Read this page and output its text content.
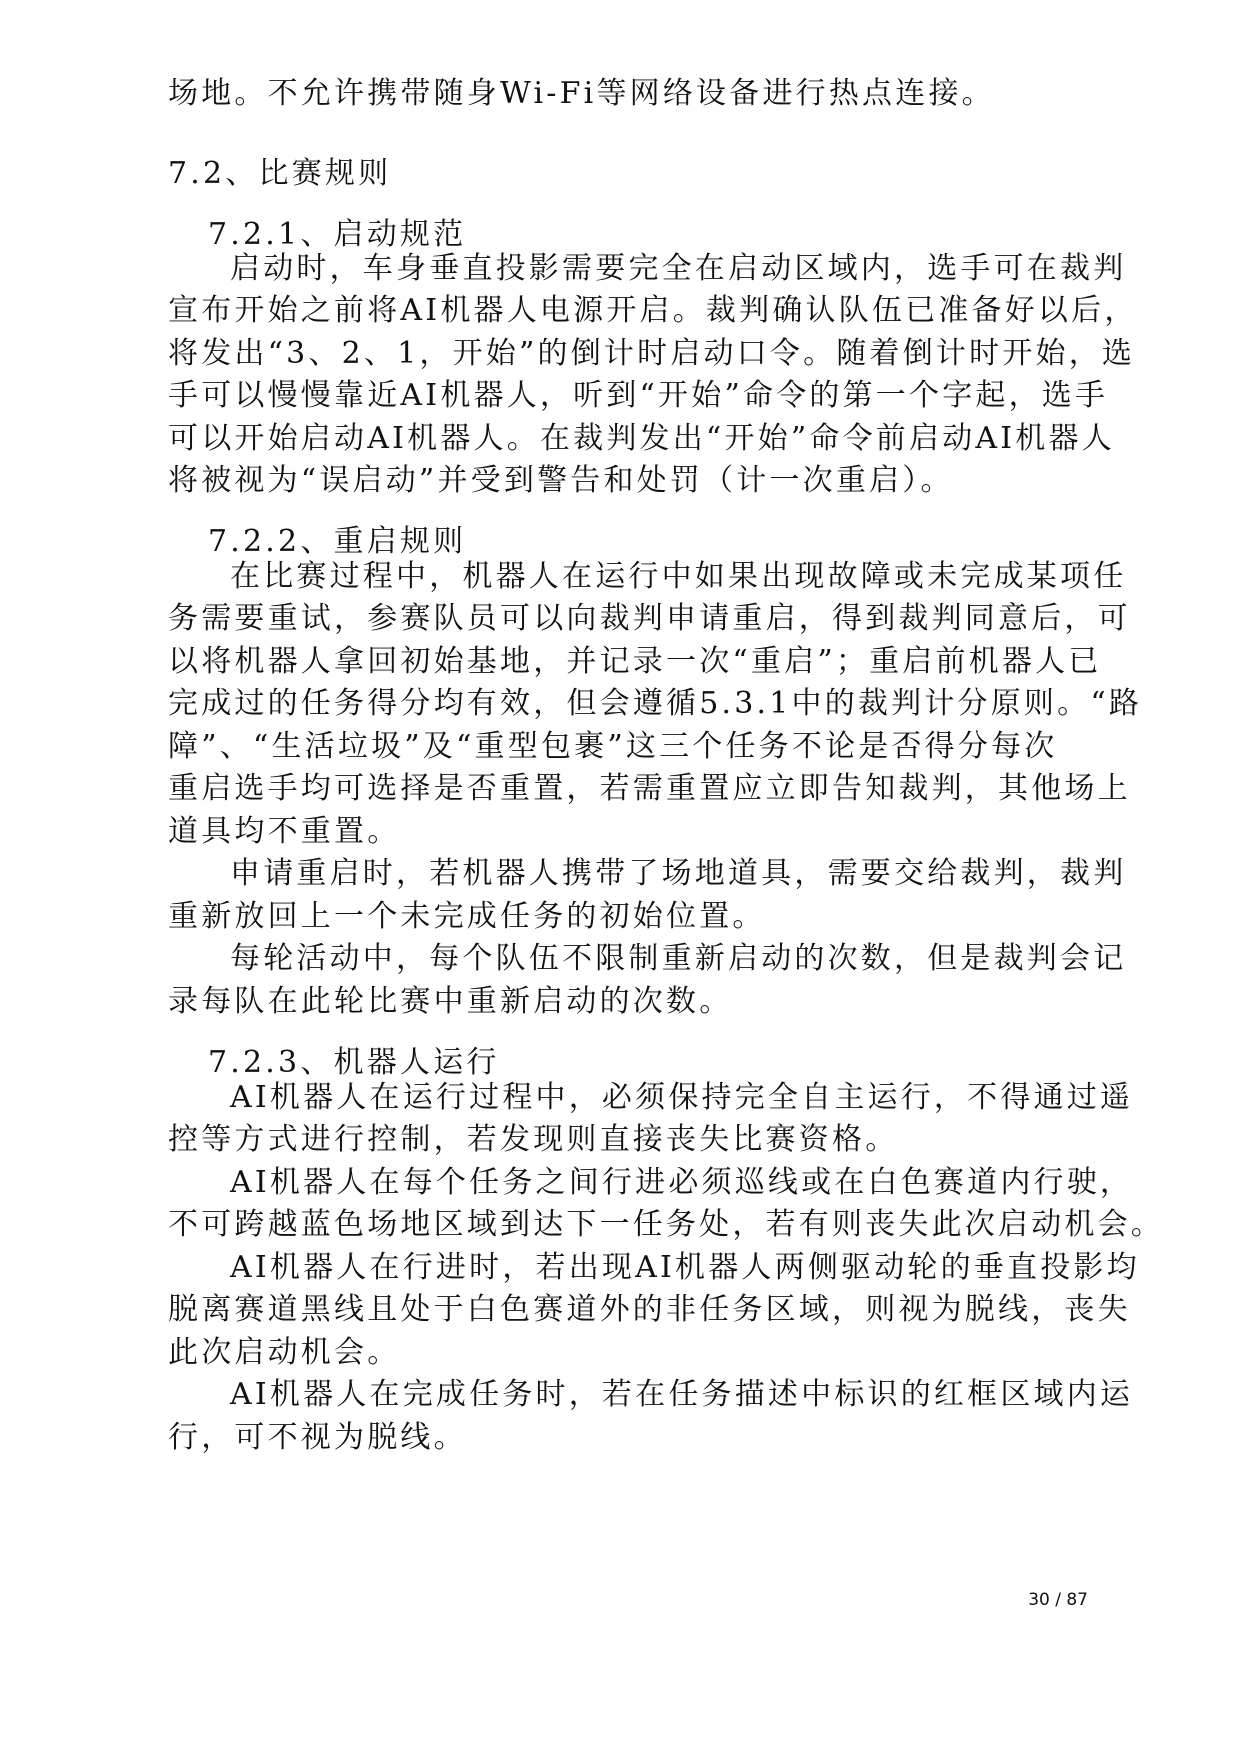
场地。不允许携带随身Wi-Fi等网络设备进行热点连接。
7.2、比赛规则
7.2.1、启动规范
启动时，车身垂直投影需要完全在启动区域内，选手可在裁判
宣布开始之前将AI机器人电源开启。裁判确认队伍已准备好以后，
将发出“3、2、1，开始”的倒计时启动口令。随着倒计时开始，选
手可以慢慢靠近AI机器人，听到“开始”命令的第一个字起，选手
可以开始启动AI机器人。在裁判发出“开始”命令前启动AI机器人
将被视为“误启动”并受到警告和处罚（计一次重启）。
7.2.2、重启规则
在比赛过程中，机器人在运行中如果出现故障或未完成某项任
务需要重试，参赛队员可以向裁判申请重启，得到裁判同意后，可
以将机器人拿回初始基地，并记录一次“重启”；重启前机器人已
完成过的任务得分均有效，但会遵循5.3.1中的裁判计分原则。“路
障”、“生活垃圾”及“重型包裹”这三个任务不论是否得分每次
重启选手均可选择是否重置，若需重置应立即告知裁判，其他场上
道具均不重置。
申请重启时，若机器人携带了场地道具，需要交给裁判，裁判
重新放回上一个未完成任务的初始位置。
每轮活动中，每个队伍不限制重新启动的次数，但是裁判会记
录每队在此轮比赛中重新启动的次数。
7.2.3、机器人运行
AI机器人在运行过程中，必须保持完全自主运行，不得通过遥
控等方式进行控制，若发现则直接丧失比赛资格。
AI机器人在每个任务之间行进必须巡线或在白色赛道内行驶，
不可跨越蓝色场地区域到达下一任务处，若有则丧失此次启动机会。
AI机器人在行进时，若出现AI机器人两侧驱动轮的垂直投影均
脱离赛道黑线且处于白色赛道外的非任务区域，则视为脱线，丧失
此次启动机会。
AI机器人在完成任务时，若在任务描述中标识的红框区域内运
行，可不视为脱线。
30 / 87
